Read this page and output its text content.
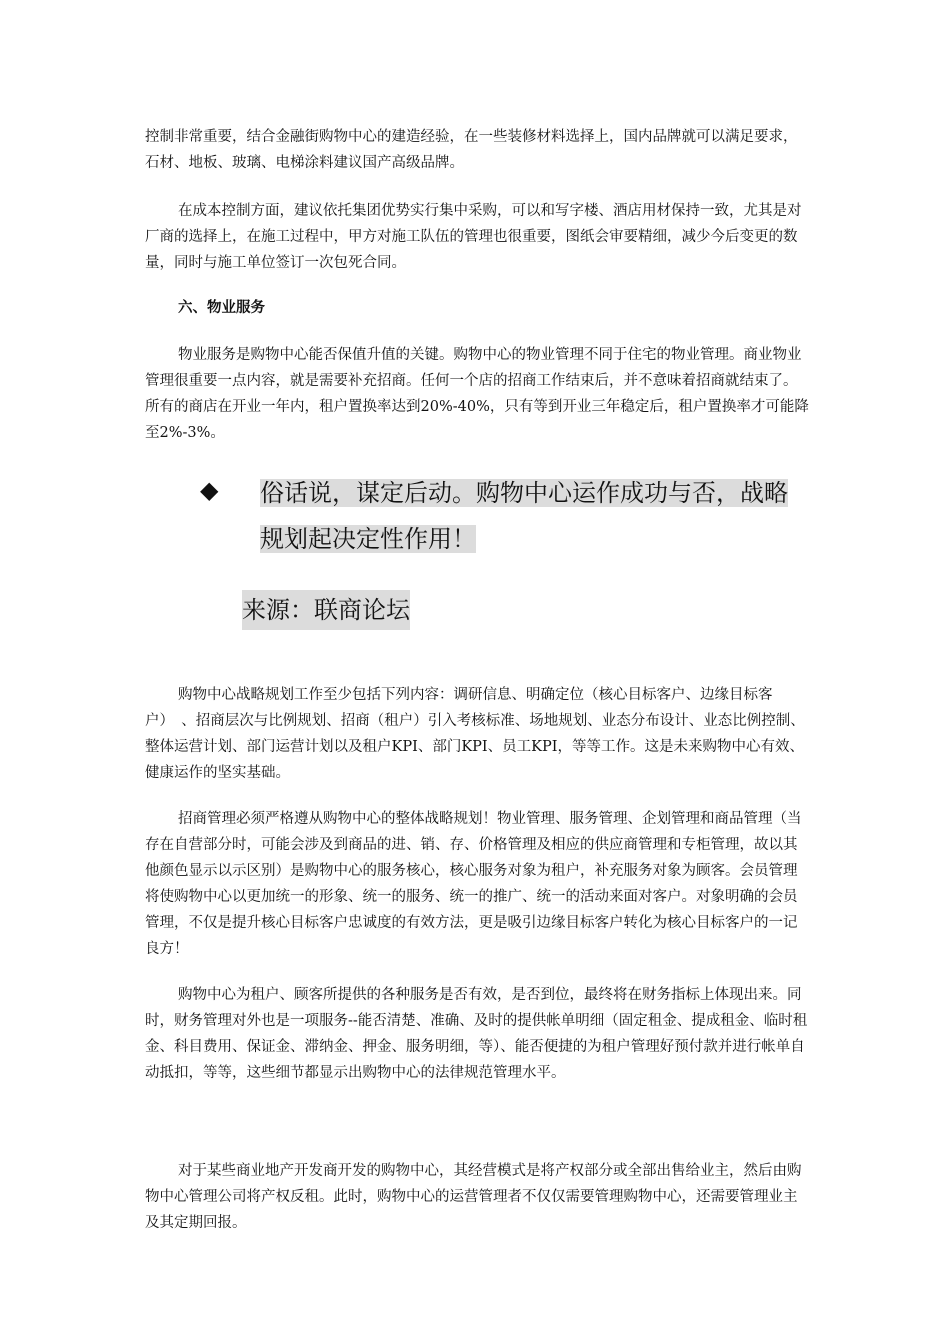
控制非常重要，结合金融街购物中心的建造经验，在一些装修材料选择上，国内品牌就可以满足要求，石材、地板、玻璃、电梯涂料建议国产高级品牌。

在成本控制方面，建议依托集团优势实行集中采购，可以和写字楼、酒店用材保持一致，尤其是对厂商的选择上，在施工过程中，甲方对施工队伍的管理也很重要，图纸会审要精细，减少今后变更的数量，同时与施工单位签订一次包死合同。

六、物业服务

物业服务是购物中心能否保值升值的关键。购物中心的物业管理不同于住宅的物业管理。商业物业管理很重要一点内容，就是需要补充招商。任何一个店的招商工作结束后，并不意味着招商就结束了。所有的商店在开业一年内，租户置换率达到20%-40%，只有等到开业三年稳定后，租户置换率才可能降至2%-3%。

◆ 俗话说，谋定后动。购物中心运作成功与否，战略规划起决定性作用！
来源：联商论坛

购物中心战略规划工作至少包括下列内容：调研信息、明确定位（核心目标客户、边缘目标客户）　、招商层次与比例规划、招商（租户）引入考核标准、场地规划、业态分布设计、业态比例控制、整体运营计划、部门运营计划以及租户KPI、部门KPI、员工KPI，等等工作。这是未来购物中心有效、健康运作的坚实基础。

招商管理必须严格遵从购物中心的整体战略规划！物业管理、服务管理、企划管理和商品管理（当存在自营部分时，可能会涉及到商品的进、销、存、价格管理及相应的供应商管理和专柜管理，故以其他颜色显示以示区别）是购物中心的服务核心，核心服务对象为租户，补充服务对象为顾客。会员管理将使购物中心以更加统一的形象、统一的服务、统一的推广、统一的活动来面对客户。对象明确的会员管理，不仅是提升核心目标客户忠诚度的有效方法，更是吸引边缘目标客户转化为核心目标客户的一记良方！

购物中心为租户、顾客所提供的各种服务是否有效，是否到位，最终将在财务指标上体现出来。同时，财务管理对外也是一项服务--能否清楚、准确、及时的提供帐单明细（固定租金、提成租金、临时租金、科目费用、保证金、滞纳金、押金、服务明细，等）、能否便捷的为租户管理好预付款并进行帐单自动抵扣，等等，这些细节都显示出购物中心的法律规范管理水平。

对于某些商业地产开发商开发的购物中心，其经营模式是将产权部分或全部出售给业主，然后由购物中心管理公司将产权反租。此时，购物中心的运营管理者不仅仅需要管理购物中心，还需要管理业主及其定期回报。
